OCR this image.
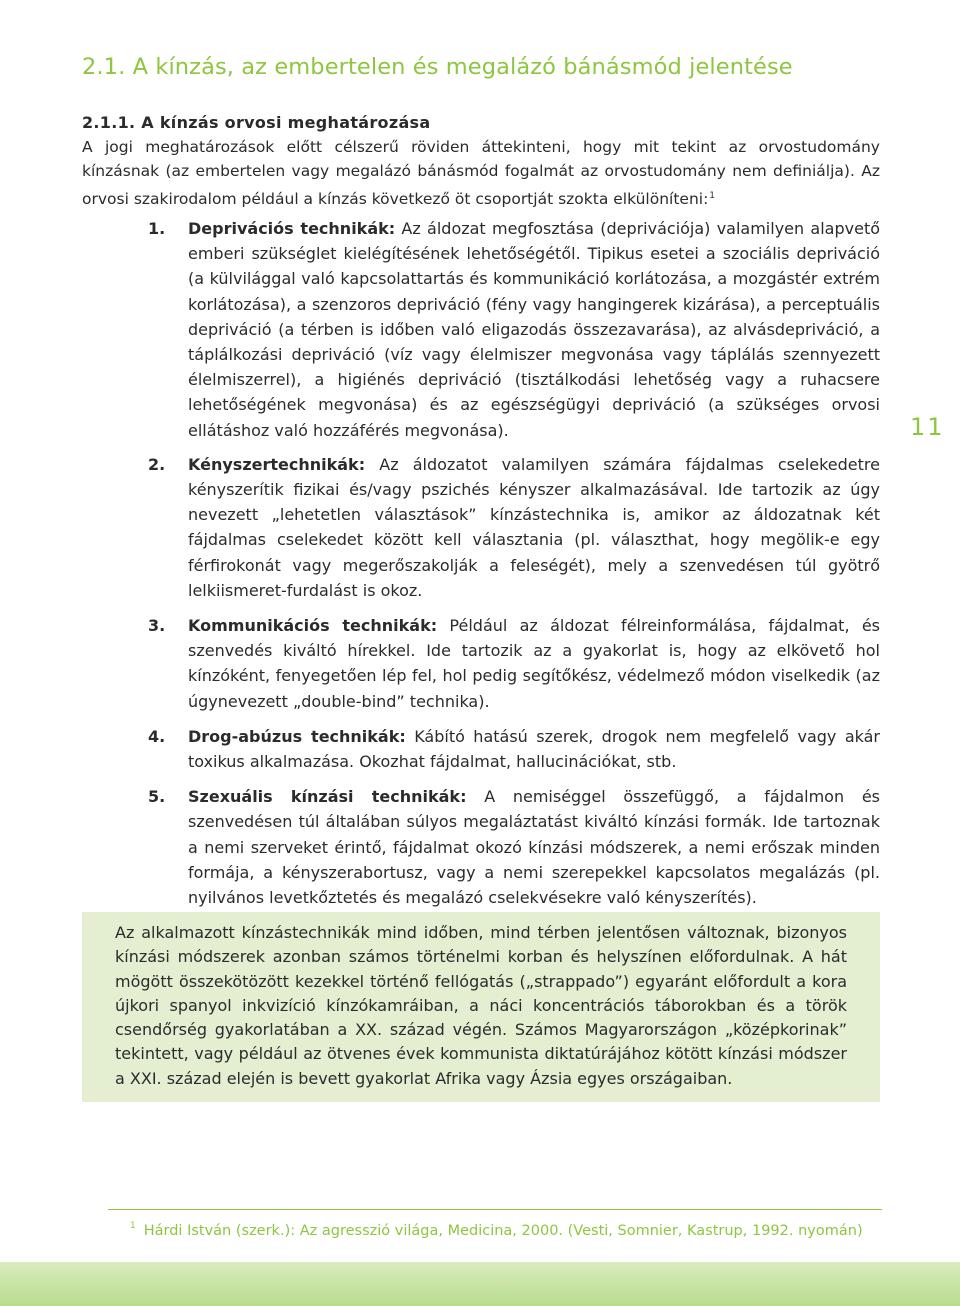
2.1. A kínzás, az embertelen és megalázó bánásmód jelentése
2.1.1. A kínzás orvosi meghatározása

A jogi meghatározások előtt célszerű röviden áttekinteni, hogy mit tekint az orvostudomány kínzásnak (az embertelen vagy megalázó bánásmód fogalmát az orvostudomány nem definiálja). Az orvosi szakirodalom például a kínzás következő öt csoportját szokta elkülöníteni:$^1$

1. Deprivációs technikák: Az áldozat megfosztása (deprivációja) valamilyen alapvető emberi szükséglet kielégítésének lehetőségétől. Tipikus esetei a szociális depriváció (a külvilággal való kapcsolattartás és kommunikáció korlátozása, a mozgástér extrém korlátozása), a szenzoros depriváció (fény vagy hangingerek kizárása), a perceptuális depriváció (a térben is időben való eligazodás összezavarása), az alvásdepriváció, a táplálkozási depriváció (víz vagy élelmiszer megvonása vagy táplálás szennyezett élelmiszerrel), a higiénés depriváció (tisztálkodási lehetőség vagy a ruhacsere lehetőségének megvonása) és az egészségügyi depriváció (a szükséges orvosi ellátáshoz való hozzáférés megvonása).
2. Kényszertechnikák: Az áldozatot valamilyen számára fájdalmas cselekedetre kényszerítik fizikai és/vagy pszichés kényszer alkalmazásával. Ide tartozik az úgy nevezett „lehetetlen választások” kínzástechnika is, amikor az áldozatnak két fájdalmas cselekedet között kell választania (pl. választhat, hogy megölik-e egy férfirokonát vagy megerőszakolják a feleségét), mely a szenvedésen túl gyötrő lelkiismeret-furdalást is okoz.
3. Kommunikációs technikák: Például az áldozat félreinformálása, fájdalmat, és szenvedés kiváltó hírekkel. Ide tartozik az a gyakorlat is, hogy az elkövető hol kínzóként, fenyegetően lép fel, hol pedig segítőkész, védelmező módon viselkedik (az úgynevezett „double-bind” technika).
4. Drog-abúzus technikák: Kábító hatású szerek, drogok nem megfelelő vagy akár toxikus alkalmazása. Okozhat fájdalmat, hallucinációkat, stb.
5. Szexuális kínzási technikák: A nemiséggel összefüggő, a fájdalmon és szenvedésen túl általában súlyos megaláztatást kiváltó kínzási formák. Ide tartoznak a nemi szerveket érintő, fájdalmat okozó kínzási módszerek, a nemi erőszak minden formája, a kényszerabortusz, vagy a nemi szerepekkel kapcsolatos megalázás (pl. nyilvános levetkőztetés és megalázó cselekvésekre való kényszerítés).

Az alkalmazott kínzástechnikák mind időben, mind térben jelentősen változnak, bizonyos kínzási módszerek azonban számos történelmi korban és helyszínen előfordulnak. A hát mögött összekötözött kezekkel történő fellógatás („strappado”) egyaránt előfordult a kora újkori spanyol inkvizíció kínzókamráiban, a náci koncentrációs táborokban és a török csendőrség gyakorlatában a XX. század végén. Számos Magyarországon „középkorinak” tekintett, vagy például az ötvenes évek kommunista diktatúrájához kötött kínzási módszer a XXI. század elején is bevett gyakorlat Afrika vagy Ázsia egyes országaiban.

11
$^1$ Hárdi István (szerk.): Az agresszió világa, Medicina, 2000. (Vesti, Somnier, Kastrup, 1992. nyomán)
